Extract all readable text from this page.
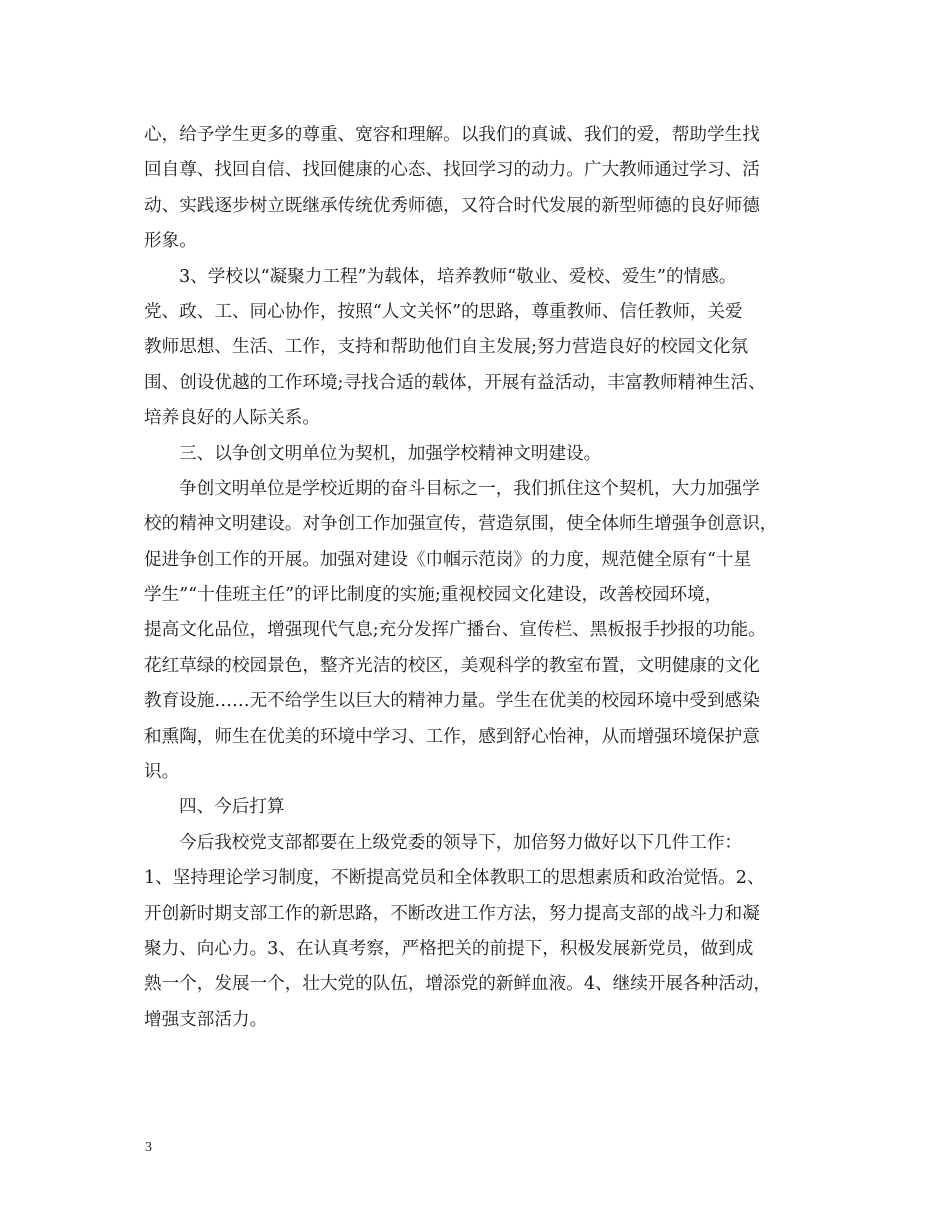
心，给予学生更多的尊重、宽容和理解。以我们的真诚、我们的爱，帮助学生找
回自尊、找回自信、找回健康的心态、找回学习的动力。广大教师通过学习、活
动、实践逐步树立既继承传统优秀师德，又符合时代发展的新型师德的良好师德
形象。
3、学校以“凝聚力工程”为载体，培养教师“敬业、爱校、爱生”的情感。
党、政、工、同心协作，按照“人文关怀”的思路，尊重教师、信任教师，关爱
教师思想、生活、工作，支持和帮助他们自主发展;努力营造良好的校园文化氛
围、创设优越的工作环境;寻找合适的载体，开展有益活动，丰富教师精神生活、
培养良好的人际关系。
三、以争创文明单位为契机，加强学校精神文明建设。
争创文明单位是学校近期的奋斗目标之一，我们抓住这个契机，大力加强学
校的精神文明建设。对争创工作加强宣传，营造氛围，使全体师生增强争创意识，
促进争创工作的开展。加强对建设《巾帼示范岗》的力度，规范健全原有“十星
学生”“十佳班主任”的评比制度的实施;重视校园文化建设，改善校园环境，
提高文化品位，增强现代气息;充分发挥广播台、宣传栏、黑板报手抄报的功能。
花红草绿的校园景色，整齐光洁的校区，美观科学的教室布置，文明健康的文化
教育设施……无不给学生以巨大的精神力量。学生在优美的校园环境中受到感染
和熏陶，师生在优美的环境中学习、工作，感到舒心怡神，从而增强环境保护意
识。
四、今后打算
今后我校党支部都要在上级党委的领导下，加倍努力做好以下几件工作：
1、坚持理论学习制度，不断提高党员和全体教职工的思想素质和政治觉悟。2、
开创新时期支部工作的新思路，不断改进工作方法，努力提高支部的战斗力和凝
聚力、向心力。3、在认真考察，严格把关的前提下，积极发展新党员，做到成
熟一个，发展一个，壮大党的队伍，增添党的新鲜血液。4、继续开展各种活动，
增强支部活力。
3
